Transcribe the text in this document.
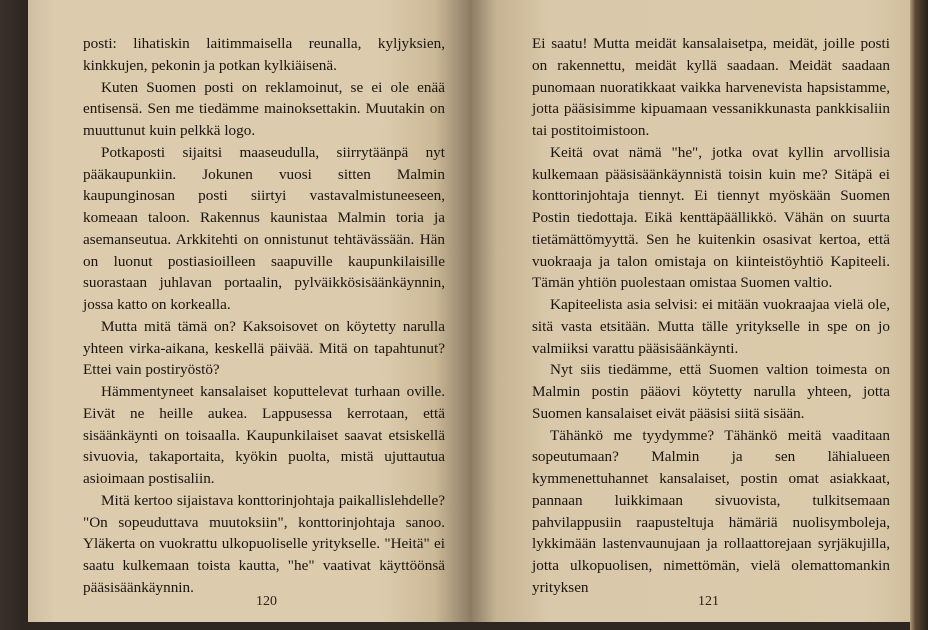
posti: lihatiskin laitimmaisella reunalla, kyljyksien, kinkkujen, pekonin ja potkan kylkiäisenä.

Kuten Suomen posti on reklamoinut, se ei ole enää entisensä. Sen me tiedämme mainoksettakin. Muutakin on muuttunut kuin pelkkä logo.

Potkaposti sijaitsi maaseudulla, siirrytäänpä nyt pääkaupunkiin. Jokunen vuosi sitten Malmin kaupunginosan posti siirtyi vastavalmistuneeseen, komeaan taloon. Rakennus kaunistaa Malmin toria ja asemanseutua. Arkkitehti on onnistunut tehtävässään. Hän on luonut postiasioilleen saapuville kaupunkilaisille suorastaan juhlavan portaalin, pylväikkösisäänkäynnin, jossa katto on korkealla.

Mutta mitä tämä on? Kaksoisovet on köytetty narulla yhteen virka-aikana, keskellä päivää. Mitä on tapahtunut? Ettei vain postiryöstö?

Hämmentyneet kansalaiset koputtelevat turhaan oville. Eivät ne heille aukea. Lappusessa kerrotaan, että sisäänkäynti on toisaalla. Kaupunkilaiset saavat etsiskellä sivuovia, takaportaita, kyökin puolta, mistä ujuttautua asioimaan postisaliin.

Mitä kertoo sijaistava konttorinjohtaja paikallislehdelle? "On sopeuduttava muutoksiin", konttorinjohtaja sanoo. Yläkerta on vuokrattu ulkopuoliselle yritykselle. "Heitä" ei saatu kulkemaan toista kautta, "he" vaativat käyttöönsä pääsisäänkäynnin.

120

Ei saatu! Mutta meidät kansalaisetpa, meidät, joille posti on rakennettu, meidät kyllä saadaan. Meidät saadaan punomaan nuoratikkaat vaikka harvenevista hapsistamme, jotta pääsisimme kipuamaan vessanikkunasta pankkisaliin tai postitoimistoon.

Keitä ovat nämä "he", jotka ovat kyllin arvollisia kulkemaan pääsisäänkäynnistä toisin kuin me? Sitäpä ei konttorinjohtaja tiennyt. Ei tiennyt myöskään Suomen Postin tiedottaja. Eikä kenttäpäällikkö. Vähän on suurta tietämättömyyttä. Sen he kuitenkin osasivat kertoa, että vuokraaja ja talon omistaja on kiinteistöyhtiö Kapiteeli. Tämän yhtiön puolestaan omistaa Suomen valtio.

Kapiteelista asia selvisi: ei mitään vuokraajaa vielä ole, sitä vasta etsitään. Mutta tälle yritykselle in spe on jo valmiiksi varattu pääsisäänkäynti.

Nyt siis tiedämme, että Suomen valtion toimesta on Malmin postin pääovi köytetty narulla yhteen, jotta Suomen kansalaiset eivät pääsisi siitä sisään.

Tähänkö me tyydymme? Tähänkö meitä vaaditaan sopeutumaan? Malmin ja sen lähialueen kymmenettuhannet kansalaiset, postin omat asiakkaat, pannaan luikkimaan sivuovista, tulkitsemaan pahvilappusiin raapusteltuja hämäriä nuolisymboleja, lykkimään lastenvaunujaan ja rollaattorejaan syrjäkujilla, jotta ulkopuolisen, nimettömän, vielä olemattomankin yrityksen

121
